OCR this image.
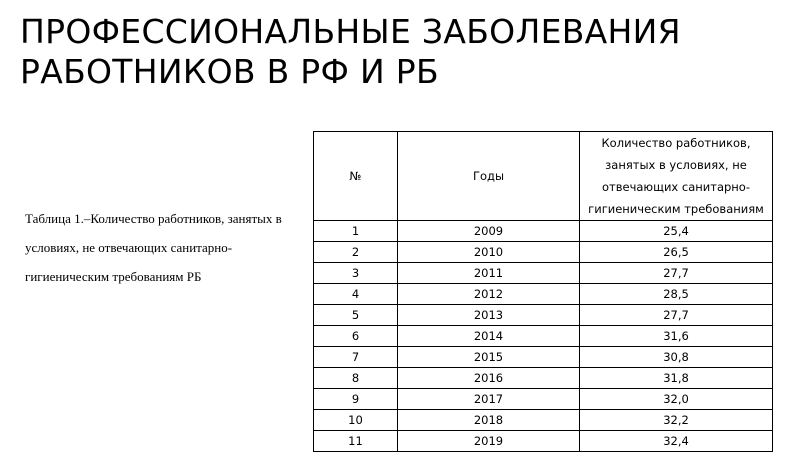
ПРОФЕССИОНАЛЬНЫЕ ЗАБОЛЕВАНИЯ
РАБОТНИКОВ В РФ И РБ
Таблица 1.–Количество работников, занятых в условиях, не отвечающих санитарно-гигиеническим требованиям РБ
№	Годы	Количество работников, занятых в условиях, не отвечающих санитарно-гигиеническим требованиям
1	2009	25,4
2	2010	26,5
3	2011	27,7
4	2012	28,5
5	2013	27,7
6	2014	31,6
7	2015	30,8
8	2016	31,8
9	2017	32,0
10	2018	32,2
11	2019	32,4
